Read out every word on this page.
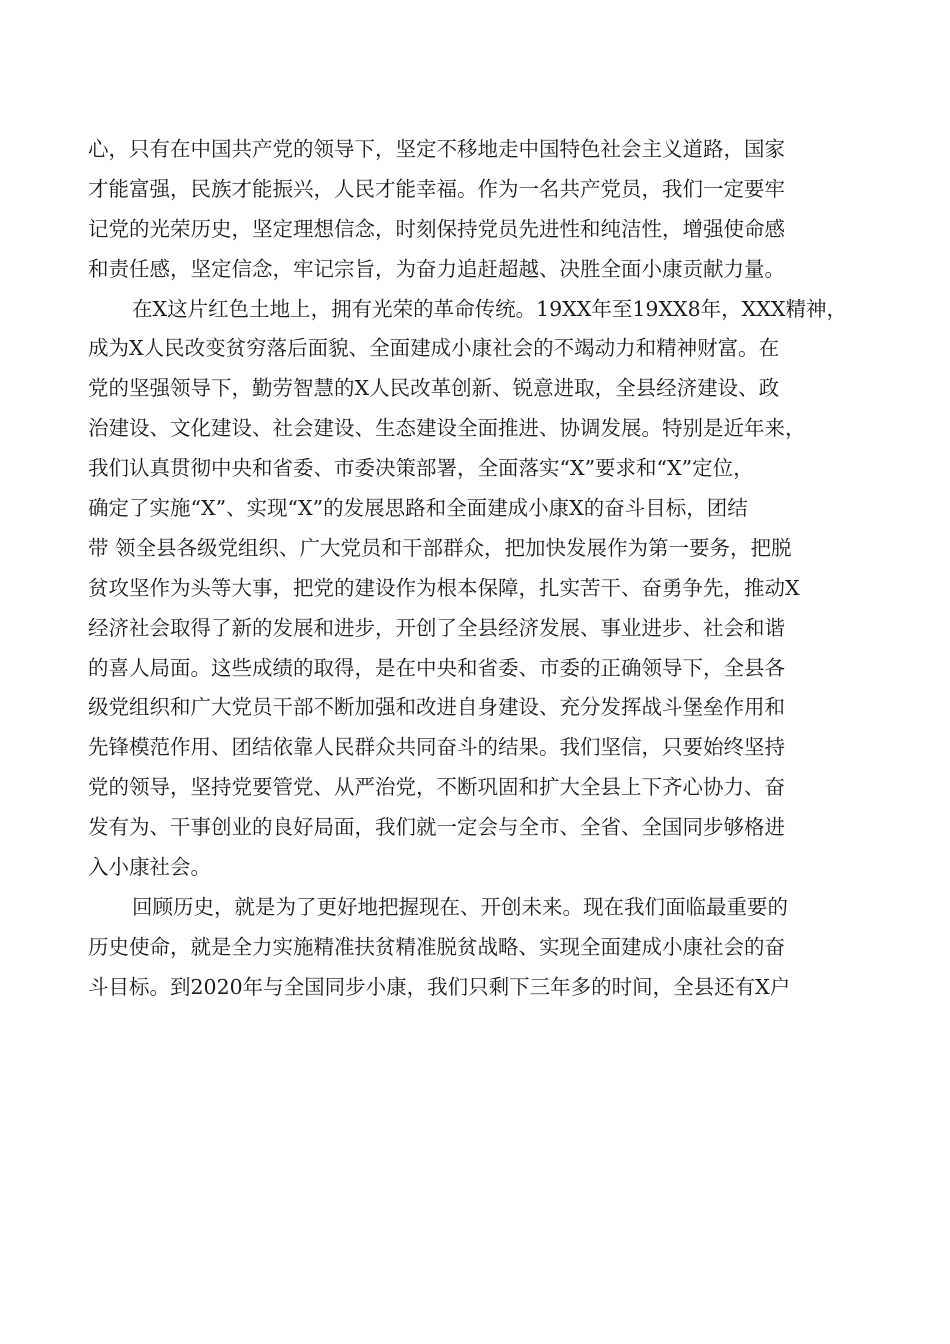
心，只有在中国共产党的领导下，坚定不移地走中国特色社会主义道路，国家
才能富强，民族才能振兴，人民才能幸福。作为一名共产党员，我们一定要牢
记党的光荣历史，坚定理想信念，时刻保持党员先进性和纯洁性，增强使命感
和责任感，坚定信念，牢记宗旨，为奋力追赶超越、决胜全面小康贡献力量。
在X这片红色土地上，拥有光荣的革命传统。19XX年至19XX8年，XXX精神，
成为X人民改变贫穷落后面貌、全面建成小康社会的不竭动力和精神财富。在
党的坚强领导下，勤劳智慧的X人民改革创新、锐意进取，全县经济建设、政
治建设、文化建设、社会建设、生态建设全面推进、协调发展。特别是近年来，
我们认真贯彻中央和省委、市委决策部署，全面落实“X”要求和“X”定位，
确定了实施“X”、实现“X”的发展思路和全面建成小康X的奋斗目标，团结
带 领全县各级党组织、广大党员和干部群众，把加快发展作为第一要务，把脱
贫攻坚作为头等大事，把党的建设作为根本保障，扎实苦干、奋勇争先，推动X
经济社会取得了新的发展和进步，开创了全县经济发展、事业进步、社会和谐
的喜人局面。这些成绩的取得，是在中央和省委、市委的正确领导下，全县各
级党组织和广大党员干部不断加强和改进自身建设、充分发挥战斗堡垒作用和
先锋模范作用、团结依靠人民群众共同奋斗的结果。我们坚信，只要始终坚持
党的领导，坚持党要管党、从严治党，不断巩固和扩大全县上下齐心协力、奋
发有为、干事创业的良好局面，我们就一定会与全市、全省、全国同步够格进
入小康社会。
回顾历史，就是为了更好地把握现在、开创未来。现在我们面临最重要的
历史使命，就是全力实施精准扶贫精准脱贫战略、实现全面建成小康社会的奋
斗目标。到2020年与全国同步小康，我们只剩下三年多的时间，全县还有X户
